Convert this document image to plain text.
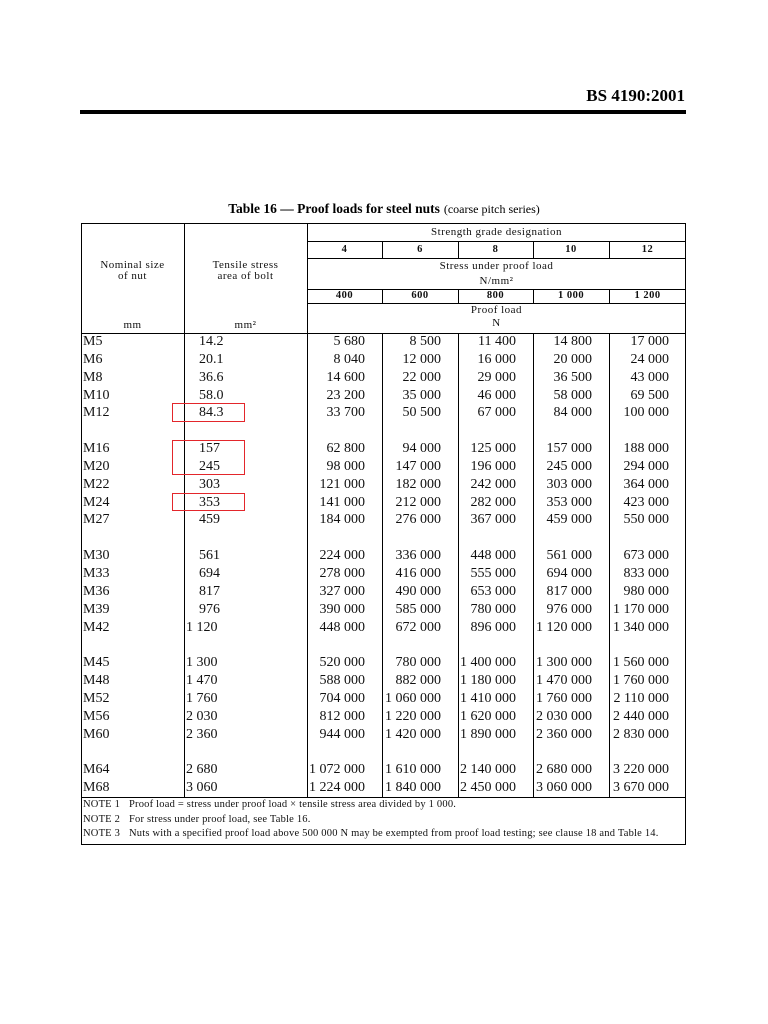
BS 4190:2001
Table 16 — Proof loads for steel nuts (coarse pitch series)
Nominal size
of nut
mm
Tensile stress
area of bolt
mm²
Strength grade designation
4	6	8	10	12
Stress under proof load
N/mm²
400	600	800	1 000	1 200
Proof load
N
M5	14.2	5 680	8 500	11 400	14 800	17 000
M6	20.1	8 040	12 000	16 000	20 000	24 000
M8	36.6	14 600	22 000	29 000	36 500	43 000
M10	58.0	23 200	35 000	46 000	58 000	69 500
M12	84.3	33 700	50 500	67 000	84 000	100 000
M16	157	62 800	94 000	125 000	157 000	188 000
M20	245	98 000	147 000	196 000	245 000	294 000
M22	303	121 000	182 000	242 000	303 000	364 000
M24	353	141 000	212 000	282 000	353 000	423 000
M27	459	184 000	276 000	367 000	459 000	550 000
M30	561	224 000	336 000	448 000	561 000	673 000
M33	694	278 000	416 000	555 000	694 000	833 000
M36	817	327 000	490 000	653 000	817 000	980 000
M39	976	390 000	585 000	780 000	976 000	1 170 000
M42	1 120	448 000	672 000	896 000	1 120 000	1 340 000
M45	1 300	520 000	780 000	1 400 000	1 300 000	1 560 000
M48	1 470	588 000	882 000	1 180 000	1 470 000	1 760 000
M52	1 760	704 000	1 060 000	1 410 000	1 760 000	2 110 000
M56	2 030	812 000	1 220 000	1 620 000	2 030 000	2 440 000
M60	2 360	944 000	1 420 000	1 890 000	2 360 000	2 830 000
M64	2 680	1 072 000	1 610 000	2 140 000	2 680 000	3 220 000
M68	3 060	1 224 000	1 840 000	2 450 000	3 060 000	3 670 000
NOTE 1 Proof load = stress under proof load × tensile stress area divided by 1 000.
NOTE 2 For stress under proof load, see Table 16.
NOTE 3 Nuts with a specified proof load above 500 000 N may be exempted from proof load testing; see clause 18 and Table 14.
